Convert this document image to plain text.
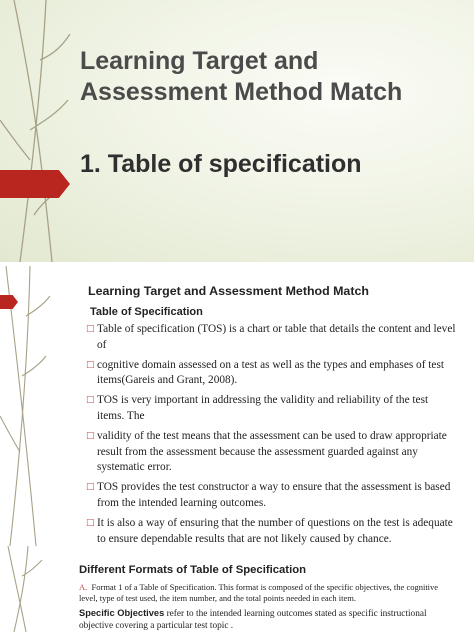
Learning Target and Assessment Method Match
1. Table of specification
Learning Target and Assessment Method Match
Table of Specification
□ Table of specification (TOS) is a chart or table that details the content and level of
□ cognitive domain assessed on a test as well as the types and emphases of test items(Gareis and Grant, 2008).
□ TOS is very important in addressing the validity and reliability of the test items. The
□ validity of the test means that the assessment can be used to draw appropriate result from the assessment because the assessment guarded against any systematic error.
□ TOS provides the test constructor a way to ensure that the assessment is based from the intended learning outcomes.
□ It is also a way of ensuring that the number of questions on the test is adequate to ensure dependable results that are not likely caused by chance.
Different Formats of Table of Specification
A. Format 1 of a Table of Specification. This format is composed of the specific objectives, the cognitive level, type of test used, the item number, and the total points needed in each item.
Specific Objectives refer to the intended learning outcomes stated as specific instructional objective covering a particular test topic .
